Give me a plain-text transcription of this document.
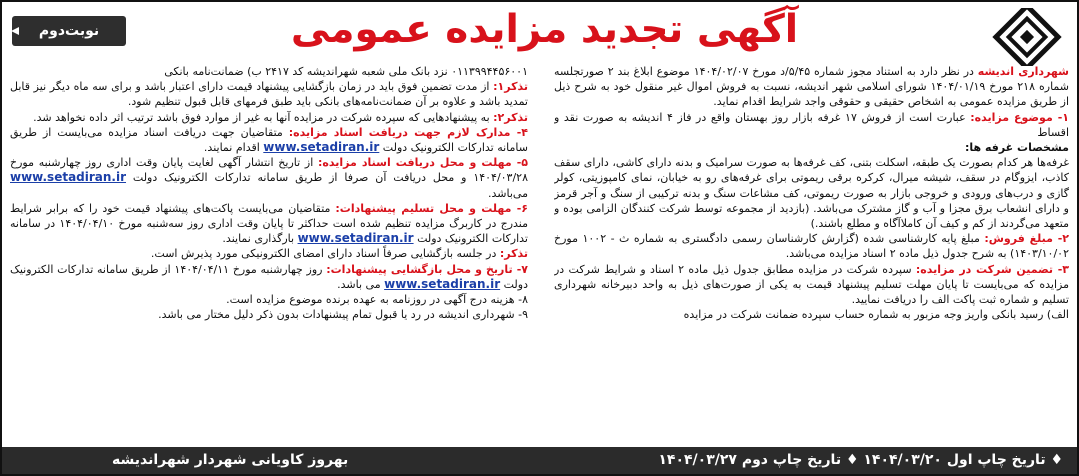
آگهی تجدید مزایده عمومی
نوبت‌دوم

شهرداری اندیشه در نظر دارد به استناد مجوز شماره ۵/۴۵/د مورخ ۱۴۰۴/۰۲/۰۷ موضوع ابلاغ بند ۲ صورتجلسه شماره ۲۱۸ مورخ ۱۴۰۴/۰۱/۱۹ شورای اسلامی شهر اندیشه، نسبت به فروش اموال غیر منقول خود به شرح ذیل از طریق مزایده عمومی به اشخاص حقیقی و حقوقی واجد شرایط اقدام نماید.

۱- موضوع مزایده: عبارت است از فروش ۱۷ غرفه بازار روز بهستان واقع در فاز ۴ اندیشه به صورت نقد و اقساط

مشخصات غرفه ها:

غرفه‌ها هر کدام بصورت یک طبقه، اسکلت بتنی، کف غرفه‌ها به صورت سرامیک و بدنه دارای کاشی، دارای سقف کاذب، ایزوگام در سقف، شیشه میرال، کرکره برقی ریموتی برای غرفه‌های رو به خیابان، نمای کامپوزیتی، کولر گازی و درب‌های ورودی و خروجی بازار به صورت ریموتی، کف مشاعات سنگ و بدنه ترکیبی از سنگ و آجر قرمز و دارای انشعاب برق مجزا و آب و گاز مشترک می‌باشد. (بازدید از مجموعه توسط شرکت کنندگان الزامی بوده و متعهد می‌گردند از کم و کیف آن کاملاآگاه و مطلع باشند.)

۲- مبلغ فروش: مبلغ پایه کارشناسی شده (گزارش کارشناسان رسمی دادگستری به شماره ث - ۱۰۰۲ مورخ ۱۴۰۳/۱۰/۰۲) به شرح جدول ذیل ماده ۲ اسناد مزایده می‌باشد.

۳- تضمین شرکت در مزایده: سپرده شرکت در مزایده مطابق جدول ذیل ماده ۲ اسناد و شرایط شرکت در مزایده که می‌بایست تا پایان مهلت تسلیم پیشنهاد قیمت به یکی از صورت‌های ذیل به واحد دبیرخانه شهرداری تسلیم و شماره ثبت پاکت الف را دریافت نمایید.

الف) رسید بانکی واریز وجه مزبور به شماره حساب سپرده ضمانت شرکت در مزایده

۰۱۱۳۹۹۴۴۵۶۰۰۱ نزد بانک ملی شعبه شهراندیشه کد ۲۴۱۷ ب) ضمانت‌نامه بانکی

تذکر۱: از مدت تضمین فوق باید در زمان بازگشایی پیشنهاد قیمت دارای اعتبار باشد و برای سه ماه دیگر نیز قابل تمدید باشد و علاوه بر آن ضمانت‌نامه‌های بانکی باید طبق فرمهای قابل قبول تنظیم شود.

تذکر۲: به پیشنهادهایی که سپرده شرکت در مزایده آنها به غیر از موارد فوق باشد ترتیب اثر داده نخواهد شد.

۴- مدارک لازم جهت دریافت اسناد مزایده: متقاضیان جهت دریافت اسناد مزایده می‌بایست از طریق سامانه تدارکات الکترونیک دولت www.setadiran.ir اقدام نمایند.

۵- مهلت و محل دریافت اسناد مزایده: از تاریخ انتشار آگهی لغایت پایان وقت اداری روز چهارشنبه مورخ ۱۴۰۴/۰۳/۲۸ و محل دریافت آن صرفا از طریق سامانه تدارکات الکترونیک دولت www.setadiran.ir می‌باشد.

۶- مهلت و محل تسلیم پیشنهادات: متقاضیان می‌بایست پاکت‌های پیشنهاد قیمت خود را که برابر شرایط مندرج در کاربرگ مزایده تنظیم شده است حداکثر تا پایان وقت اداری روز سه‌شنبه مورخ ۱۴۰۴/۰۴/۱۰ در سامانه تدارکات الکترونیک دولت www.setadiran.ir بارگذاری نمایند.

تذکر: در جلسه بازگشایی صرفاً اسناد دارای امضای الکترونیکی مورد پذیرش است.

۷- تاریخ و محل بازگشایی پیشنهادات: روز چهارشنبه مورخ ۱۴۰۴/۰۴/۱۱ از طریق سامانه تدارکات الکترونیک دولت www.setadiran.ir می باشد.

۸- هزینه درج آگهی در روزنامه به عهده برنده موضوع مزایده است.

۹- شهرداری اندیشه در رد یا قبول تمام پیشنهادات بدون ذکر دلیل مختار می باشد.

♦ تاریخ چاپ اول ۱۴۰۴/۰۳/۲۰ ♦ تاریخ چاپ دوم ۱۴۰۴/۰۳/۲۷
بهروز کاویانی شهردار شهراندیشه
